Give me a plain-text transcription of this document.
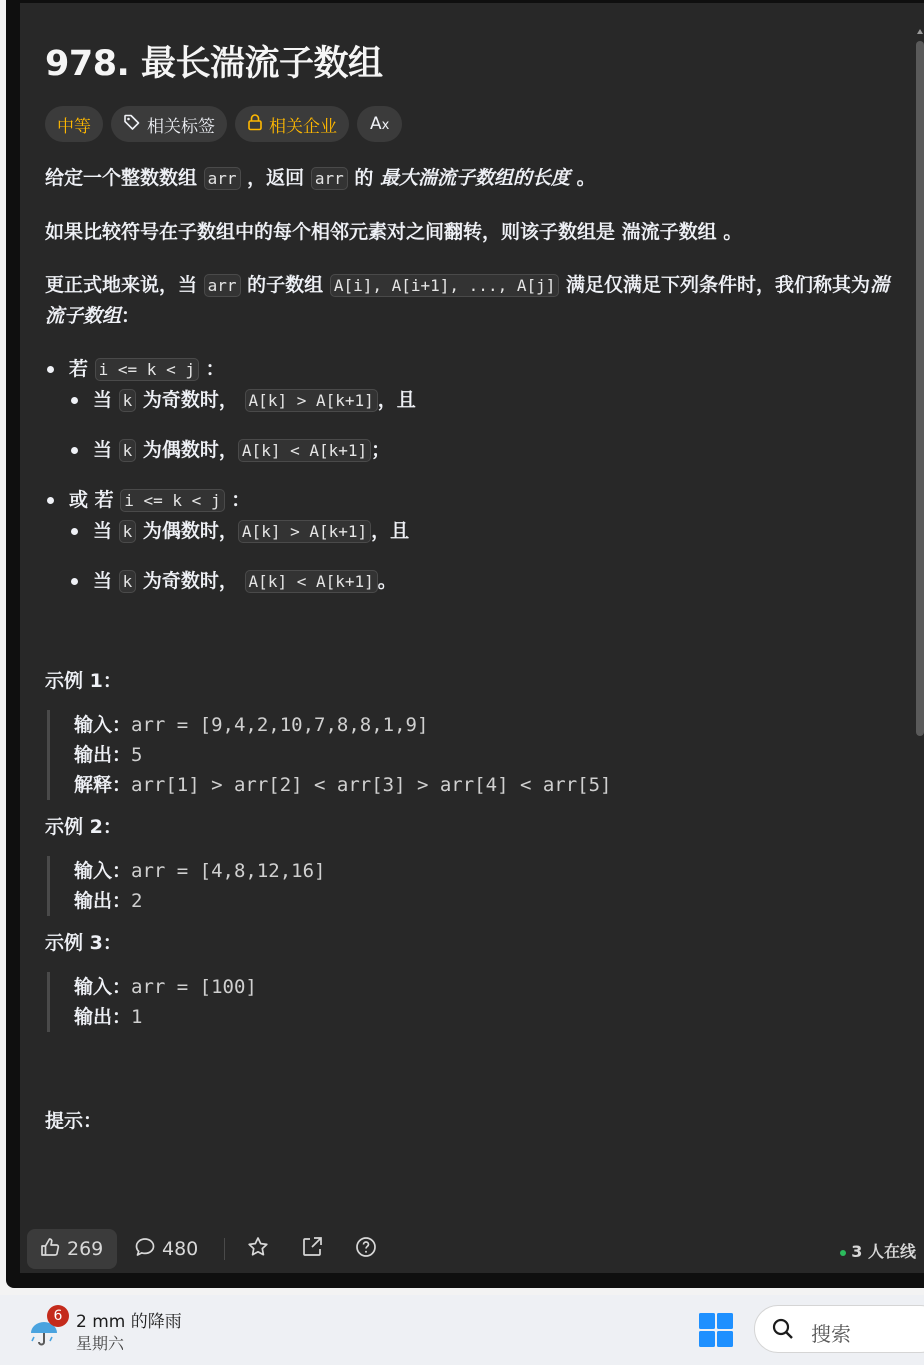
978. 最长湍流子数组
中等	相关标签	相关企业 Ax

给定一个整数数组 arr ，返回 arr 的 最大湍流子数组的长度 。

如果比较符号在子数组中的每个相邻元素对之间翻转，则该子数组是 湍流子数组 。

更正式地来说，当 arr 的子数组 A[i], A[i+1], ..., A[j] 满足仅满足下列条件时，我们称其为湍流子数组：

若 i <= k < j ：
当 k 为奇数时， A[k] > A[k+1] ，且
当 k 为偶数时， A[k] < A[k+1] ；
或 若 i <= k < j ：
当 k 为偶数时， A[k] > A[k+1] ，且
当 k 为奇数时， A[k] < A[k+1] 。

示例 1：

输入：arr = [9,4,2,10,7,8,8,1,9]
输出：5
解释：arr[1] > arr[2] < arr[3] > arr[4] < arr[5]

示例 2：

输入：arr = [4,8,12,16]
输出：2

示例 3：

输入：arr = [100]
输出：1

提示：

269	480	3 人在线
6 2 mm 的降雨
星期六	搜索
